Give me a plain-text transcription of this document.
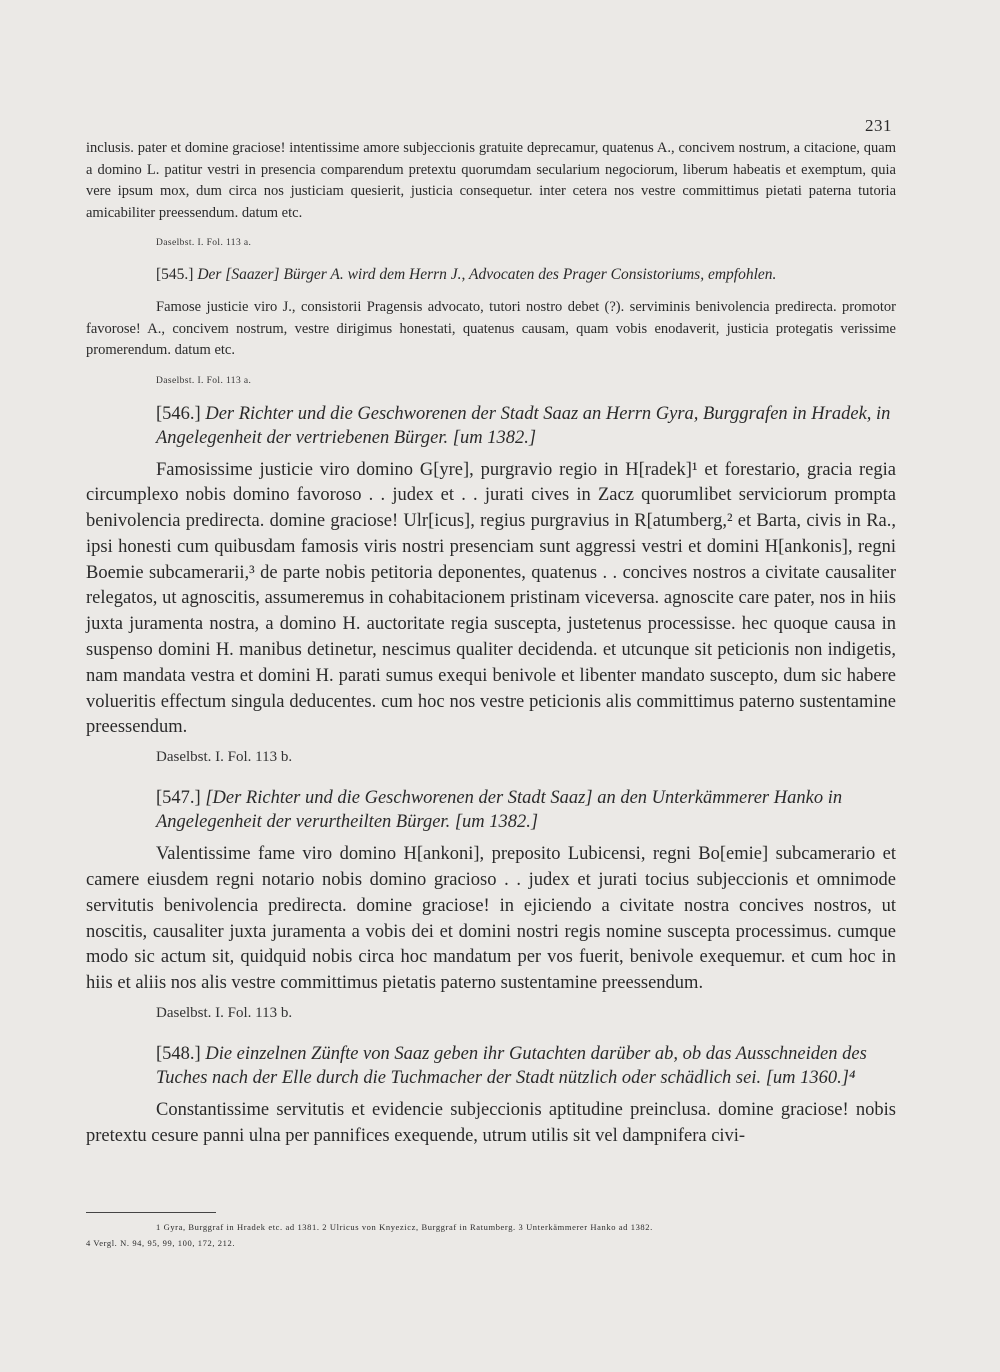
231

inclusis. pater et domine graciose! intentissime amore subjeccionis gratuite deprecamur, quatenus A., concivem nostrum, a citacione, quam a domino L. patitur vestri in presencia comparendum pretextu quorumdam secularium negociorum, liberum habeatis et exemptum, quia vere ipsum mox, dum circa nos justiciam quesierit, justicia consequetur. inter cetera nos vestre committimus pietati paterna tutoria amicabiliter preessendum. datum etc.

Daselbst. I. Fol. 113 a.

[545.] Der [Saazer] Bürger A. wird dem Herrn J., Advocaten des Prager Consistoriums, empfohlen.

Famose justicie viro J., consistorii Pragensis advocato, tutori nostro debet (?). serviminis benivolencia predirecta. promotor favorose! A., concivem nostrum, vestre dirigimus honestati, quatenus causam, quam vobis enodaverit, justicia protegatis verissime promerendum. datum etc.

Daselbst. I. Fol. 113 a.

[546.] Der Richter und die Geschworenen der Stadt Saaz an Herrn Gyra, Burggrafen in Hradek, in Angelegenheit der vertriebenen Bürger. [um 1382.]

Famosissime justicie viro domino G[yre], purgravio regio in H[radek]¹ et forestario, gracia regia circumplexo nobis domino favoroso . . judex et . . jurati cives in Zacz quorumlibet serviciorum prompta benivolencia predirecta. domine graciose! Ulr[icus], regius purgravius in R[atumberg,² et Barta, civis in Ra., ipsi honesti cum quibusdam famosis viris nostri presenciam sunt aggressi vestri et domini H[ankonis], regni Boemie subcamerarii,³ de parte nobis petitoria deponentes, quatenus . . concives nostros a civitate causaliter relegatos, ut agnoscitis, assumeremus in cohabitacionem pristinam viceversa. agnoscite care pater, nos in hiis juxta juramenta nostra, a domino H. auctoritate regia suscepta, justetenus processisse. hec quoque causa in suspenso domini H. manibus detinetur, nescimus qualiter decidenda. et utcunque sit peticionis non indigetis, nam mandata vestra et domini H. parati sumus exequi benivole et libenter mandato suscepto, dum sic habere volueritis effectum singula deducentes. cum hoc nos vestre peticionis alis committimus paterno sustentamine preessendum.

Daselbst. I. Fol. 113 b.

[547.] [Der Richter und die Geschworenen der Stadt Saaz] an den Unterkämmerer Hanko in Angelegenheit der verurtheilten Bürger. [um 1382.]

Valentissime fame viro domino H[ankoni], preposito Lubicensi, regni Bo[emie] subcamerario et camere eiusdem regni notario nobis domino gracioso . . judex et jurati tocius subjeccionis et omnimode servitutis benivolencia predirecta. domine graciose! in ejiciendo a civitate nostra concives nostros, ut noscitis, causaliter juxta juramenta a vobis dei et domini nostri regis nomine suscepta processimus. cumque modo sic actum sit, quidquid nobis circa hoc mandatum per vos fuerit, benivole exequemur. et cum hoc in hiis et aliis nos alis vestre committimus pietatis paterno sustentamine preessendum.

Daselbst. I. Fol. 113 b.

[548.] Die einzelnen Zünfte von Saaz geben ihr Gutachten darüber ab, ob das Ausschneiden des Tuches nach der Elle durch die Tuchmacher der Stadt nützlich oder schädlich sei. [um 1360.]⁴

Constantissime servitutis et evidencie subjeccionis aptitudine preinclusa. domine graciose! nobis pretextu cesure panni ulna per pannifices exequende, utrum utilis sit vel dampnifera civi-

1 Gyra, Burggraf in Hradek etc. ad 1381. 2 Ulricus von Knyezicz, Burggraf in Ratumberg. 3 Unterkämmerer Hanko ad 1382.

4 Vergl. N. 94, 95, 99, 100, 172, 212.
